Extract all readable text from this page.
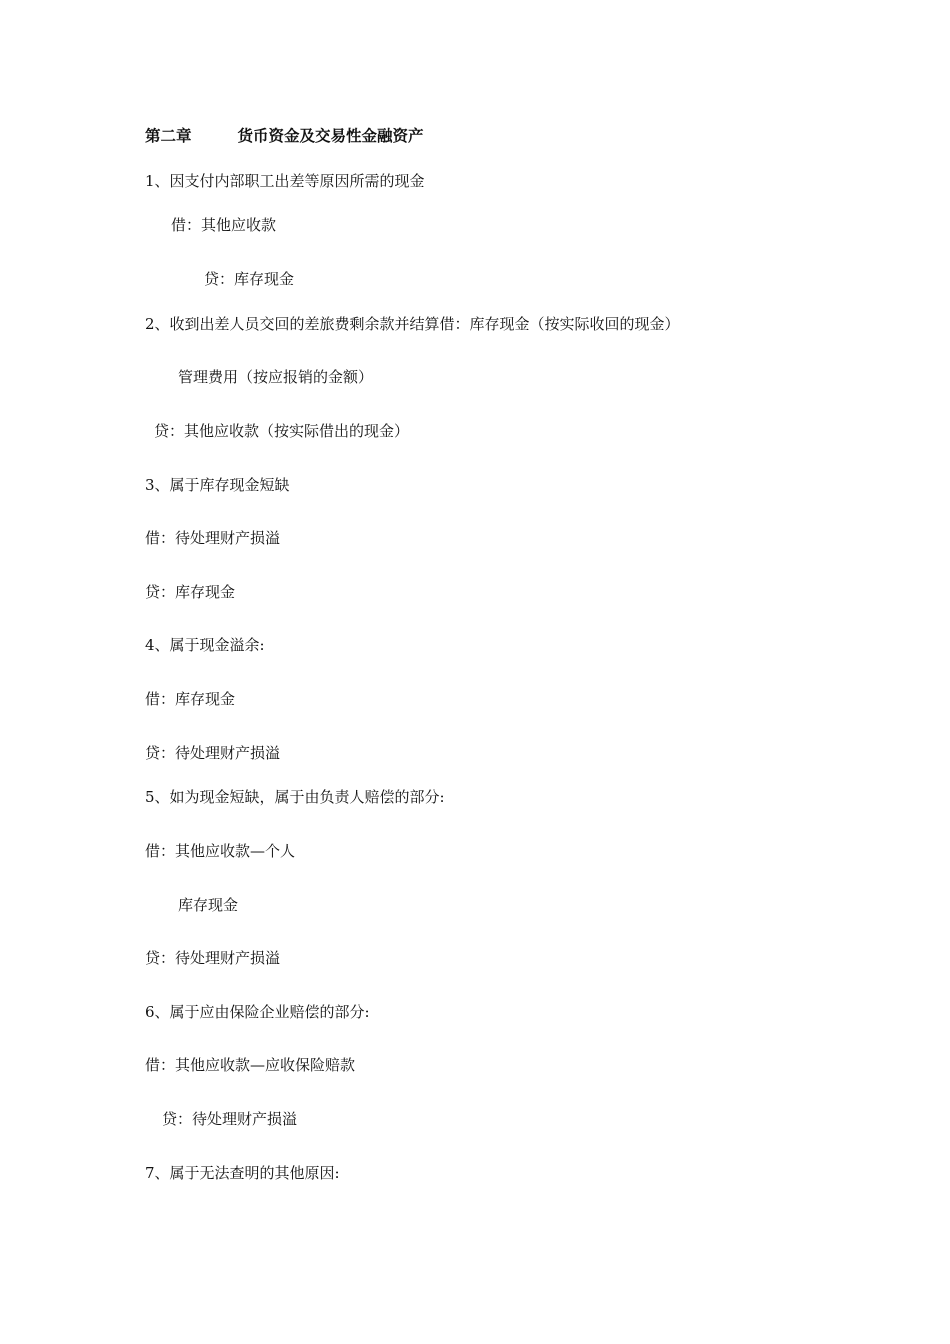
第二章	货币资金及交易性金融资产
1、因支付内部职工出差等原因所需的现金
借：其他应收款
贷：库存现金
2、收到出差人员交回的差旅费剩余款并结算借：库存现金（按实际收回的现金）
管理费用（按应报销的金额）
贷：其他应收款（按实际借出的现金）
3、属于库存现金短缺
借：待处理财产损溢
贷：库存现金
4、属于现金溢余:
借：库存现金
贷：待处理财产损溢
5、如为现金短缺，属于由负责人赔偿的部分:
借：其他应收款—个人
库存现金
贷：待处理财产损溢
6、属于应由保险企业赔偿的部分:
借：其他应收款—应收保险赔款
贷：待处理财产损溢
7、属于无法查明的其他原因:
